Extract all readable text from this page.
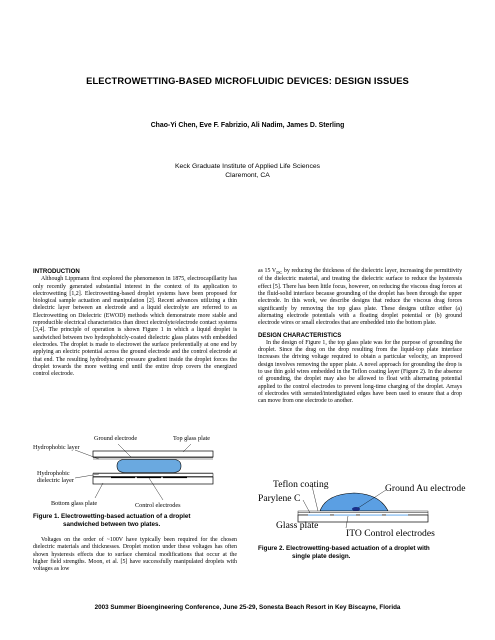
ELECTROWETTING-BASED MICROFLUIDIC DEVICES: DESIGN ISSUES
Chao-Yi Chen, Eve F. Fabrizio, Ali Nadim, James D. Sterling
Keck Graduate Institute of Applied Life Sciences
Claremont, CA
INTRODUCTION

Although Lippmann first explored the phenomenon in 1875, electrocapillarity has only recently generated substantial interest in the context of its application to electrowetting [1,2]. Electrowetting-based droplet systems have been proposed for biological sample actuation and manipulation [2]. Recent advances utilizing a thin dielectric layer between an electrode and a liquid electrolyte are referred to as Electrowetting on Dielectric (EWOD) methods which demonstrate more stable and reproducible electrical characteristics than direct electrolyte/electrode contact systems [3,4]. The principle of operation is shown Figure 1 in which a liquid droplet is sandwiched between two hydrophobicly-coated dielectric glass plates with embedded electrodes. The droplet is made to electrowet the surface preferentially at one end by applying an electric potential across the ground electrode and the control electrode at that end. The resulting hydrodynamic pressure gradient inside the droplet forces the droplet towards the more wetting end until the entire drop covers the energized control electrode.

Ground electrode	Top glass plate
Hydrophobic layer
Hydrophobic
dielectric layer
Bottom glass plate	Control electrodes
Figure 1. Electrowetting-based actuation of a droplet
sandwiched between two plates.

Voltages on the order of ~100V have typically been required for the chosen dielectric materials and thicknesses. Droplet motion under these voltages has often shown hysteresis effects due to surface chemical modifications that occur at the higher field strengths. Moon, et al. [5] have successfully manipulated droplets with voltages as low

as 15 $V_{DC}$ by reducing the thickness of the dielectric layer, increasing the permittivity of the dielectric material, and treating the dielectric surface to reduce the hysteresis effect [5]. There has been little focus, however, on reducing the viscous drag forces at the fluid-solid interface because grounding of the droplet has been through the upper electrode. In this work, we describe designs that reduce the viscous drag forces significantly by removing the top glass plate. These designs utilize either (a) alternating electrode potentials with a floating droplet potential or (b) ground electrode wires or small electrodes that are embedded into the bottom plate.

DESIGN CHARACTERISTICS

In the design of Figure 1, the top glass plate was for the purpose of grounding the droplet. Since the drag on the drop resulting from the liquid-top plate interface increases the driving voltage required to obtain a particular velocity, an improved design involves removing the upper plate. A novel approach for grounding the drop is to use thin gold wires embedded in the Teflon coating layer (Figure 2). In the absence of grounding, the droplet may also be allowed to float with alternating potential applied to the control electrodes to prevent long-time charging of the droplet. Arrays of electrodes with serrated/interdigitated edges have been used to ensure that a drop can move from one electrode to another.

Teflon coating
Parylene C
Ground Au electrode
Glass plate
ITO Control electrodes
Figure 2. Electrowetting-based actuation of a droplet with
single plate design.
2003 Summer Bioengineering Conference, June 25-29, Sonesta Beach Resort in Key Biscayne, Florida
